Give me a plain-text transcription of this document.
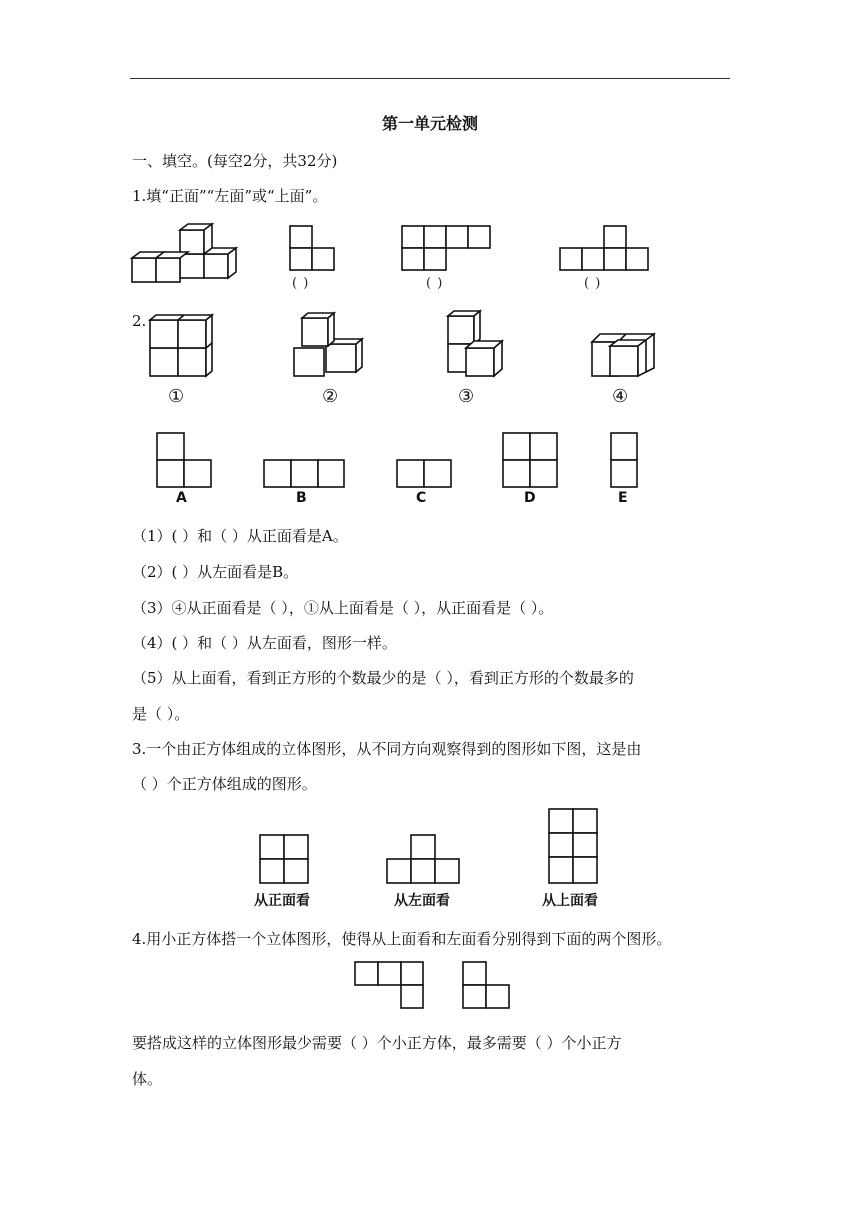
第一单元检测
一、填空。(每空2分，共32分)
1.填“正面”“左面”或“上面”。
( )	( )	( )
2.
①	②	③	④
A	B	C	D	E
（1）( ）和（ ）从正面看是A。
（2）( ）从左面看是B。
（3）④从正面看是（ ），①从上面看是（ ），从正面看是（ ）。
（4）( ）和（ ）从左面看，图形一样。
（5）从上面看，看到正方形的个数最少的是（ ），看到正方形的个数最多的
是（ ）。
3.一个由正方体组成的立体图形，从不同方向观察得到的图形如下图，这是由
（ ）个正方体组成的图形。
从正面看	从左面看	从上面看
4.用小正方体搭一个立体图形，使得从上面看和左面看分别得到下面的两个图形。
要搭成这样的立体图形最少需要（ ）个小正方体，最多需要（ ）个小正方
体。
